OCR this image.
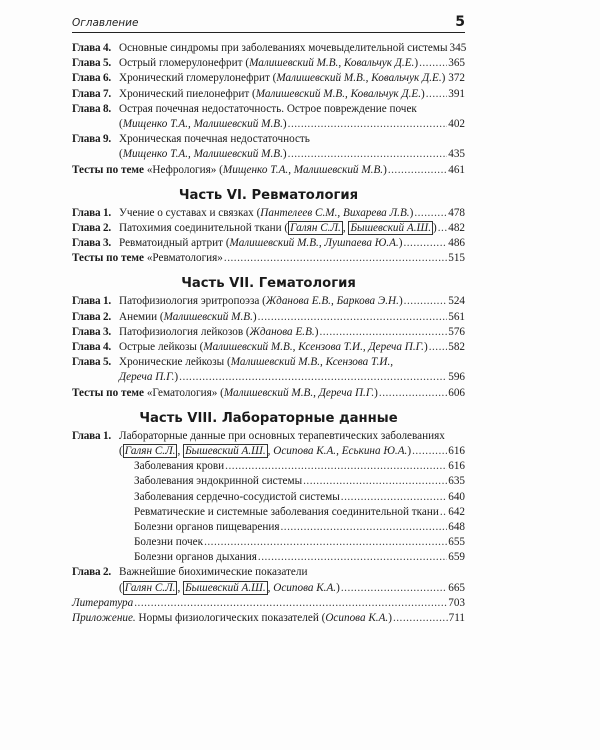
Оглавление	5
Глава 4. Основные синдромы при заболеваниях мочевыделительной системы 345
Глава 5. Острый гломерулонефрит (Малишевский М.В., Ковальчук Д.Е.) .....	365
Глава 6. Хронический гломерулонефрит (Малишевский М.В., Ковальчук Д.Е.) ..... 372
Глава 7. Хронический пиелонефрит (Малишевский М.В., Ковальчук Д.Е.) ..... 391
Глава 8. Острая почечная недостаточность. Острое повреждение почек
(Мищенко Т.А., Малишевский М.В.) .....	402
Глава 9. Хроническая почечная недостаточность
(Мищенко Т.А., Малишевский М.В.) .....	435
Тесты по теме «Нефрология» (Мищенко Т.А., Малишевский М.В.) .....	461
Часть VI. Ревматология
Глава 1. Учение о суставах и связках (Пантелеев С.М., Вихарева Л.В.) .....	478
Глава 2. Патохимия соединительной ткани ( Галян С.Л. , Бышевский А.Ш. ) ..... 482
Глава 3. Ревматоидный артрит (Малишевский М.В., Лушпаева Ю.А.) .....	486
Тесты по теме «Ревматология» .....	515
Часть VII. Гематология
Глава 1. Патофизиология эритропоэза (Жданова Е.В., Баркова Э.Н.) .....	524
Глава 2. Анемии (Малишевский М.В.) .....	561
Глава 3. Патофизиология лейкозов (Жданова Е.В.) .....	576
Глава 4. Острые лейкозы (Малишевский М.В., Ксензова Т.И., Дереча П.Г.) ..... 582
Глава 5. Хронические лейкозы (Малишевский М.В., Ксензова Т.И.,
Дереча П.Г.) .....	596
Тесты по теме «Гематология» (Малишевский М.В., Дереча П.Г.) .....	606
Часть VIII. Лабораторные данные
Глава 1. Лабораторные данные при основных терапевтических заболеваниях
( Галян С.Л. , Бышевский А.Ш. , Осипова К.А., Еськина Ю.А.) .....	616
Заболевания крови .....	616
Заболевания эндокринной системы .....	635
Заболевания сердечно-сосудистой системы .....	640
Ревматические и системные заболевания соединительной ткани ..... 642
Болезни органов пищеварения .....	648
Болезни почек .....	655
Болезни органов дыхания .....	659
Глава 2. Важнейшие биохимические показатели
( Галян С.Л. , Бышевский А.Ш. , Осипова К.А.) .....	665
Литература .....	703
Приложение. Нормы физиологических показателей (Осипова К.А.) .....	711
